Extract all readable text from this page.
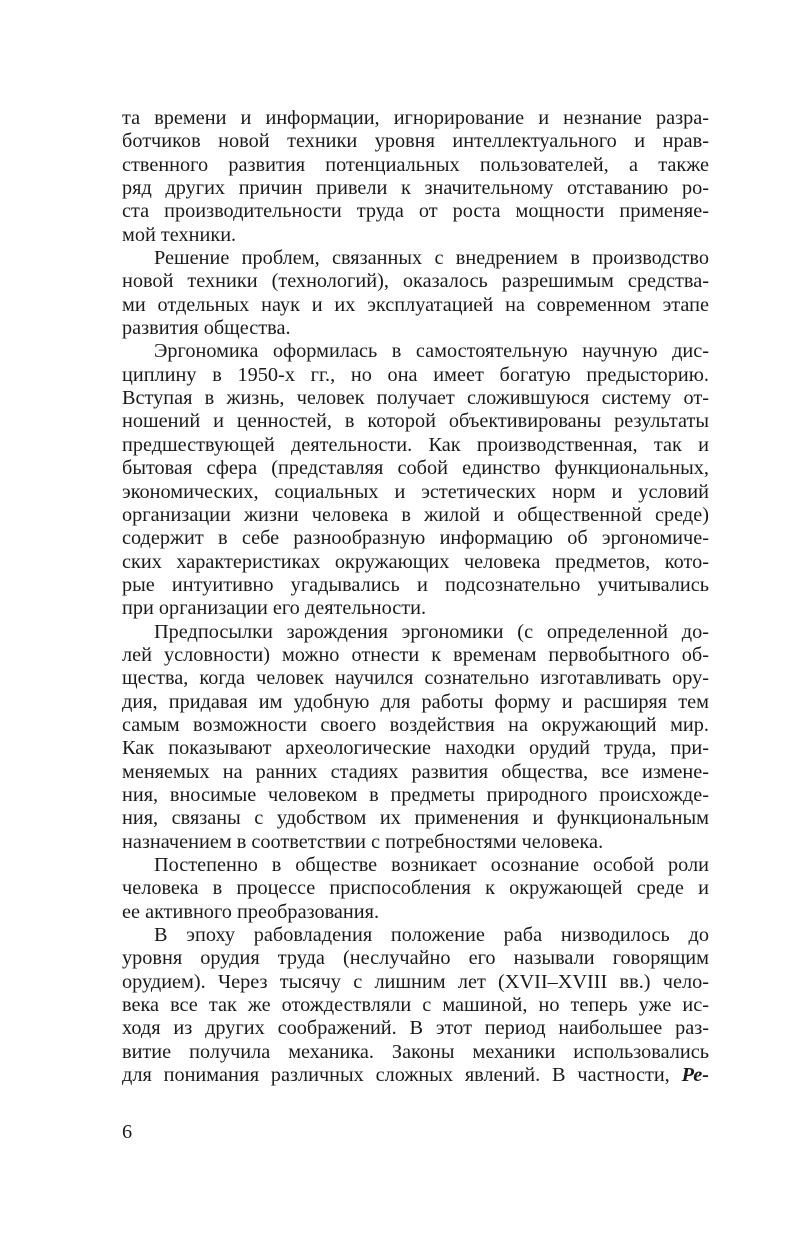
та времени и информации, игнорирование и незнание разра-
ботчиков новой техники уровня интеллектуального и нрав-
ственного развития потенциальных пользователей, а также
ряд других причин привели к значительному отставанию ро-
ста производительности труда от роста мощности применяе-
мой техники.
Решение проблем, связанных с внедрением в производство
новой техники (технологий), оказалось разрешимым средства-
ми отдельных наук и их эксплуатацией на современном этапе
развития общества.
Эргономика оформилась в самостоятельную научную дис-
циплину в 1950-х гг., но она имеет богатую предысторию.
Вступая в жизнь, человек получает сложившуюся систему от-
ношений и ценностей, в которой объективированы результаты
предшествующей деятельности. Как производственная, так и
бытовая сфера (представляя собой единство функциональных,
экономических, социальных и эстетических норм и условий
организации жизни человека в жилой и общественной среде)
содержит в себе разнообразную информацию об эргономиче-
ских характеристиках окружающих человека предметов, кото-
рые интуитивно угадывались и подсознательно учитывались
при организации его деятельности.
Предпосылки зарождения эргономики (с определенной до-
лей условности) можно отнести к временам первобытного об-
щества, когда человек научился сознательно изготавливать ору-
дия, придавая им удобную для работы форму и расширяя тем
самым возможности своего воздействия на окружающий мир.
Как показывают археологические находки орудий труда, при-
меняемых на ранних стадиях развития общества, все измене-
ния, вносимые человеком в предметы природного происхожде-
ния, связаны с удобством их применения и функциональным
назначением в соответствии с потребностями человека.
Постепенно в обществе возникает осознание особой роли
человека в процессе приспособления к окружающей среде и
ее активного преобразования.
В эпоху рабовладения положение раба низводилось до
уровня орудия труда (неслучайно его называли говорящим
орудием). Через тысячу с лишним лет (XVII–XVIII вв.) чело-
века все так же отождествляли с машиной, но теперь уже ис-
ходя из других соображений. В этот период наибольшее раз-
витие получила механика. Законы механики использовались
для понимания различных сложных явлений. В частности, Ре-
6
